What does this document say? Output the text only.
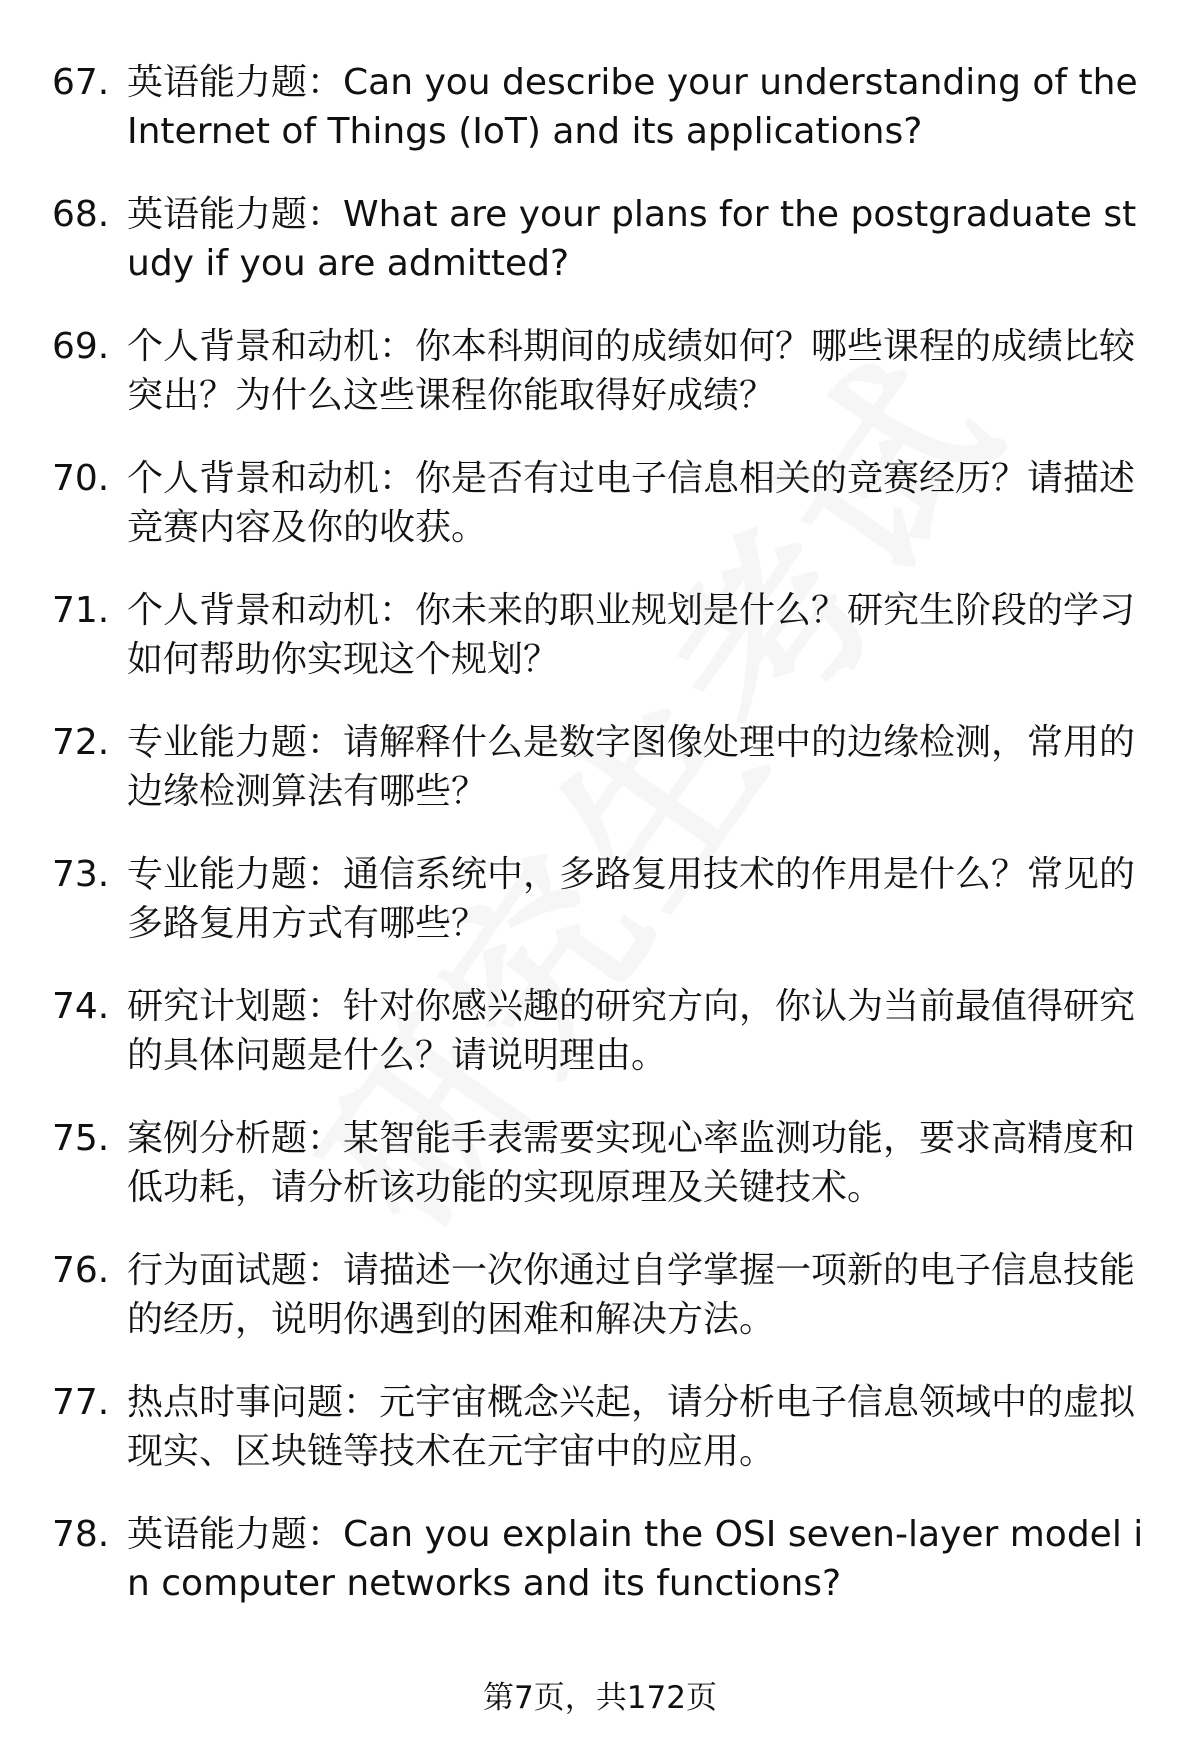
67. 英语能力题：Can you describe your understanding of the Internet of Things (IoT) and its applications?
68. 英语能力题：What are your plans for the postgraduate study if you are admitted?
69. 个人背景和动机：你本科期间的成绩如何？哪些课程的成绩比较突出？为什么这些课程你能取得好成绩？
70. 个人背景和动机：你是否有过电子信息相关的竞赛经历？请描述竞赛内容及你的收获。
71. 个人背景和动机：你未来的职业规划是什么？研究生阶段的学习如何帮助你实现这个规划？
72. 专业能力题：请解释什么是数字图像处理中的边缘检测，常用的边缘检测算法有哪些？
73. 专业能力题：通信系统中，多路复用技术的作用是什么？常见的多路复用方式有哪些？
74. 研究计划题：针对你感兴趣的研究方向，你认为当前最值得研究的具体问题是什么？请说明理由。
75. 案例分析题：某智能手表需要实现心率监测功能，要求高精度和低功耗，请分析该功能的实现原理及关键技术。
76. 行为面试题：请描述一次你通过自学掌握一项新的电子信息技能的经历，说明你遇到的困难和解决方法。
77. 热点时事问题：元宇宙概念兴起，请分析电子信息领域中的虚拟现实、区块链等技术在元宇宙中的应用。
78. 英语能力题：Can you explain the OSI seven-layer model in computer networks and its functions?
第7页，共172页
